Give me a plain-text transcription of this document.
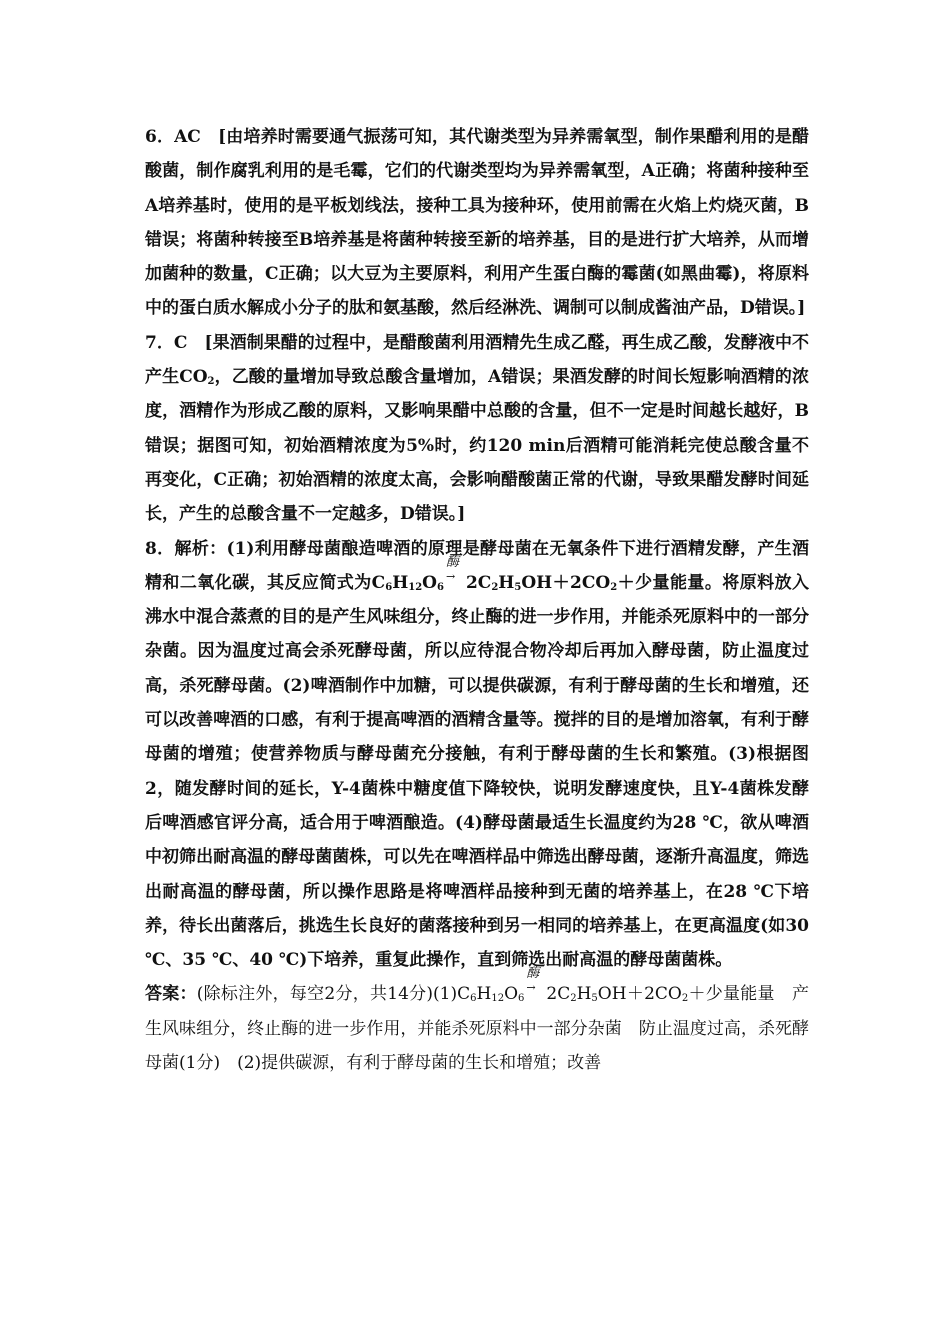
6．AC　[由培养时需要通气振荡可知，其代谢类型为异养需氧型，制作果醋利用的是醋酸菌，制作腐乳利用的是毛霉，它们的代谢类型均为异养需氧型，A正确；将菌种接种至A培养基时，使用的是平板划线法，接种工具为接种环，使用前需在火焰上灼烧灭菌，B错误；将菌种转接至B培养基是将菌种转接至新的培养基，目的是进行扩大培养，从而增加菌种的数量，C正确；以大豆为主要原料，利用产生蛋白酶的霉菌(如黑曲霉)，将原料中的蛋白质水解成小分子的肽和氨基酸，然后经淋洗、调制可以制成酱油产品，D错误。]

7．C　[果酒制果醋的过程中，是醋酸菌利用酒精先生成乙醛，再生成乙酸，发酵液中不产生$CO_2$，乙酸的量增加导致总酸含量增加，A错误；果酒发酵的时间长短影响酒精的浓度，酒精作为形成乙酸的原料，又影响果醋中总酸的含量，但不一定是时间越长越好，B错误；据图可知，初始酒精浓度为5%时，约120 min后酒精可能消耗完使总酸含量不再变化，C正确；初始酒精的浓度太高，会影响醋酸菌正常的代谢，导致果醋发酵时间延长，产生的总酸含量不一定越多，D错误。]

8．解析：(1)利用酵母菌酿造啤酒的原理是酵母菌在无氧条件下进行酒精发酵，产生酒精和二氧化碳，其反应简式为$C_6H_{12}O_6$
酶
→ $2C_2H_5OH+2CO_2+$少量能量。将原料放入沸水中混合蒸煮的目的是产生风味组分，终止酶的进一步作用，并能杀死原料中的一部分杂菌。因为温度过高会杀死酵母菌，所以应待混合物冷却后再加入酵母菌，防止温度过高，杀死酵母菌。(2)啤酒制作中加糖，可以提供碳源，有利于酵母菌的生长和增殖，还可以改善啤酒的口感，有利于提高啤酒的酒精含量等。搅拌的目的是增加溶氧，有利于酵母菌的增殖；使营养物质与酵母菌充分接触，有利于酵母菌的生长和繁殖。(3)根据图2，随发酵时间的延长，Y-4菌株中糖度值下降较快，说明发酵速度快，且Y-4菌株发酵后啤酒感官评分高，适合用于啤酒酿造。(4)酵母菌最适生长温度约为28 ℃，欲从啤酒中初筛出耐高温的酵母菌菌株，可以先在啤酒样品中筛选出酵母菌，逐渐升高温度，筛选出耐高温的酵母菌，所以操作思路是将啤酒样品接种到无菌的培养基上，在28 ℃下培养，待长出菌落后，挑选生长良好的菌落接种到另一相同的培养基上，在更高温度(如30 ℃、35 ℃、40 ℃)下培养，重复此操作，直到筛选出耐高温的酵母菌菌株。

答案：(除标注外，每空2分，共14分)$(1)C_6H_{12}O_6$
酶
→ $2C_2H_5OH+2CO_2+$少量能量　产生风味组分，终止酶的进一步作用，并能杀死原料中一部分杂菌　防止温度过高，杀死酵母菌(1分)　(2)提供碳源，有利于酵母菌的生长和增殖；改善
